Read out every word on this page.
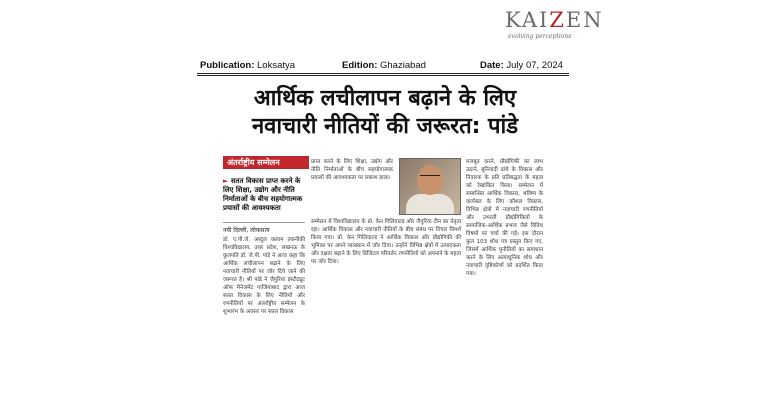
KAIZEN
evolving perceptions
Publication: Loksatya	Edition: Ghaziabad	Date: July 07, 2024
आर्थिक लचीलापन बढ़ाने के लिए
नवाचारी नीतियों की जरूरत: पांडे
अंतर्राष्ट्रीय सम्मेलन
► सतत विकास प्राप्त करने के लिए शिक्षा, उद्योग और नीति निर्माताओं के बीच सहयोगात्मक प्रयासों की आवश्यकता
नयी दिल्ली, लोकसत्य
डॉ. ए.पी.जे. अब्दुल कलाम तकनीकी विश्वविद्यालय, उत्तर प्रदेश, लखनऊ के कुलपति डॉ. जे.पी. पांडे ने आज कहा कि आर्थिक लचीलापन बढ़ाने के लिए नवाचारी नीतियों पर जोर दिये जाने की जरूरत है। श्री पांडे ने जैपुरिया इंस्टीट्यूट ऑफ मैनेजमेंट गाजियाबाद द्वारा आज सतत विकास के लिए नीतियों और रणनीतियों पर अंतर्राष्ट्रीय सम्मेलन के शुभारंभ के अवसर पर सतत विकास
प्राप्त करने के लिए शिक्षा, उद्योग और नीति निर्माताओं के बीच सहयोगात्मक प्रयासों की आवश्यकता पर प्रकाश डाला।
सम्मेलन में विश्वविद्यालय के प्रो. केन गिलिवाल्ड और जैपुरिया टीम का नेतृत्व रहा। आर्थिक विकास और नवाचारी नीतियों के बीच संबंध पर विचार विमर्श किया गया। प्रो. केन गिलिवाल्ड ने आर्थिक विकास और प्रौद्योगिकी की भूमिका पर अपने व्याख्यान में जोर दिया। उन्होंने विभिन्न क्षेत्रों में उत्पादकता और दक्षता बढ़ाने के लिए डिजिटल परिवर्तन रणनीतियों को अपनाने के महत्व पर जोर दिया।
मजबूत करने, प्रौद्योगिकी का लाभ उठाने, बुनियादी ढांचे के विकास और निवारक के प्रति प्रतिबद्धता के महत्व को रेखांकित किया। सम्मेलन में सम्बन्धित आर्थिक विकास, भविष्य के कार्यबल के लिए कौशल विकास, विभिन्न क्षेत्रों में नवाचारी रणनीतियों और उभरती प्रौद्योगिकियों के सामाजिक-आर्थिक प्रभाव जैसे विविध विषयों पर चर्चा की गई। इस दौरान कुल 103 शोध पत्र प्रस्तुत किए गए, जिसमें आर्थिक चुनौतियों का समाधान करने के लिए अत्याधुनिक शोध और नवाचारी दृष्टिकोणों को प्रदर्शित किया गया।
